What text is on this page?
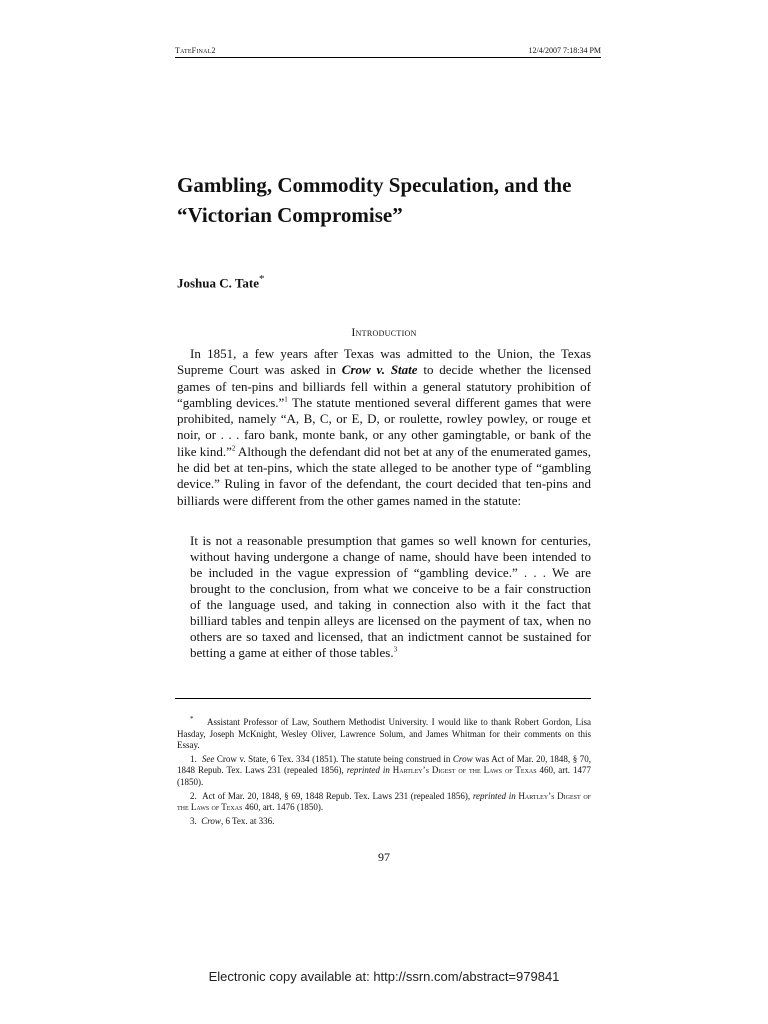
TateFinal2	12/4/2007 7:18:34 PM
Gambling, Commodity Speculation, and the “Victorian Compromise”
Joshua C. Tate*
Introduction

In 1851, a few years after Texas was admitted to the Union, the Texas Supreme Court was asked in Crow v. State to decide whether the licensed games of ten-pins and billiards fell within a general statutory prohibition of “gambling devices.”$^1$ The statute mentioned several different games that were prohibited, namely “A, B, C, or E, D, or roulette, rowley powley, or rouge et noir, or . . . faro bank, monte bank, or any other gamingtable, or bank of the like kind.”$^2$ Although the defendant did not bet at any of the enumerated games, he did bet at ten-pins, which the state alleged to be another type of “gambling device.” Ruling in favor of the defendant, the court decided that ten-pins and billiards were different from the other games named in the statute:

It is not a reasonable presumption that games so well known for centuries, without having undergone a change of name, should have been intended to be included in the vague expression of “gambling device.” . . . We are brought to the conclusion, from what we conceive to be a fair construction of the language used, and taking in connection also with it the fact that billiard tables and tenpin alleys are licensed on the payment of tax, when no others are so taxed and licensed, that an indictment cannot be sustained for betting a game at either of those tables.$^3$

* Assistant Professor of Law, Southern Methodist University. I would like to thank Robert Gordon, Lisa Hasday, Joseph McKnight, Wesley Oliver, Lawrence Solum, and James Whitman for their comments on this Essay.

1. See Crow v. State, 6 Tex. 334 (1851). The statute being construed in Crow was Act of Mar. 20, 1848, § 70, 1848 Repub. Tex. Laws 231 (repealed 1856), reprinted in Hartley’s Digest of the Laws of Texas 460, art. 1477 (1850).

2. Act of Mar. 20, 1848, § 69, 1848 Repub. Tex. Laws 231 (repealed 1856), reprinted in Hartley’s Digest of the Laws of Texas 460, art. 1476 (1850).

3. Crow, 6 Tex. at 336.

97
Electronic copy available at: http://ssrn.com/abstract=979841
